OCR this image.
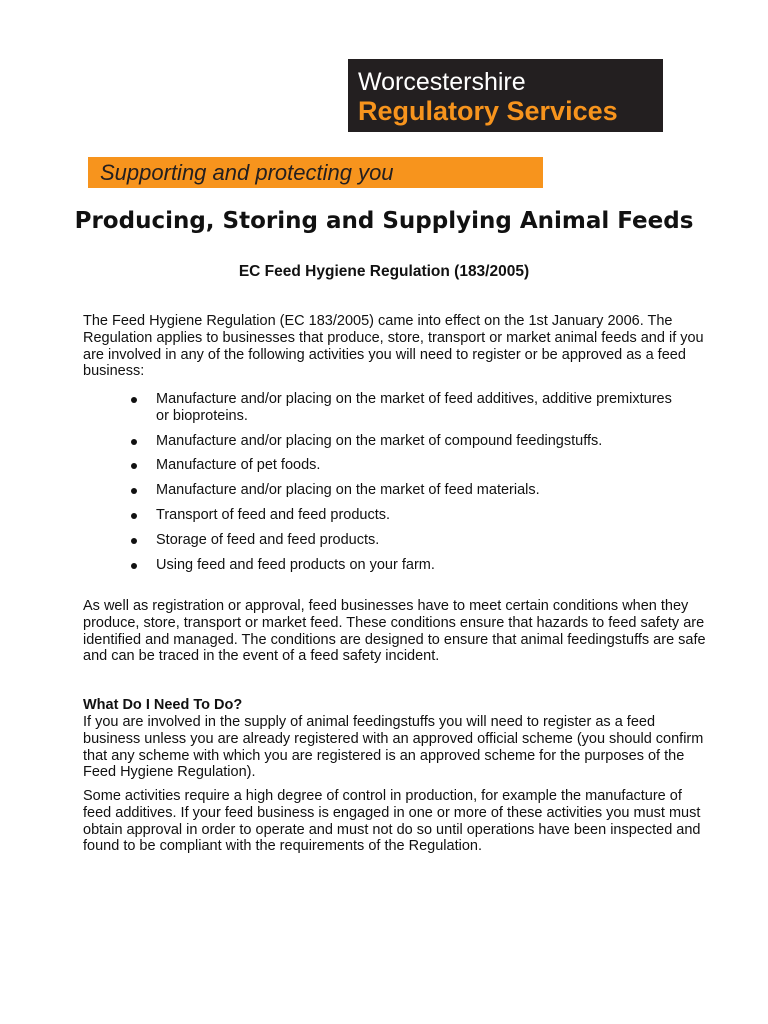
Worcestershire
Regulatory Services
Supporting and protecting you
Producing, Storing and Supplying Animal Feeds
EC Feed Hygiene Regulation (183/2005)

The Feed Hygiene Regulation (EC 183/2005) came into effect on the 1st January 2006. The Regulation applies to businesses that produce, store, transport or market animal feeds and if you are involved in any of the following activities you will need to register or be approved as a feed business:

Manufacture and/or placing on the market of feed additives, additive premixtures or bioproteins.
Manufacture and/or placing on the market of compound feedingstuffs.
Manufacture of pet foods.
Manufacture and/or placing on the market of feed materials.
Transport of feed and feed products.
Storage of feed and feed products.
Using feed and feed products on your farm.

As well as registration or approval, feed businesses have to meet certain conditions when they produce, store, transport or market feed. These conditions ensure that hazards to feed safety are identified and managed. The conditions are designed to ensure that animal feedingstuffs are safe and can be traced in the event of a feed safety incident.

What Do I Need To Do?

If you are involved in the supply of animal feedingstuffs you will need to register as a feed business unless you are already registered with an approved official scheme (you should confirm that any scheme with which you are registered is an approved scheme for the purposes of the Feed Hygiene Regulation).

Some activities require a high degree of control in production, for example the manufacture of feed additives. If your feed business is engaged in one or more of these activities you must must obtain approval in order to operate and must not do so until operations have been inspected and found to be compliant with the requirements of the Regulation.
